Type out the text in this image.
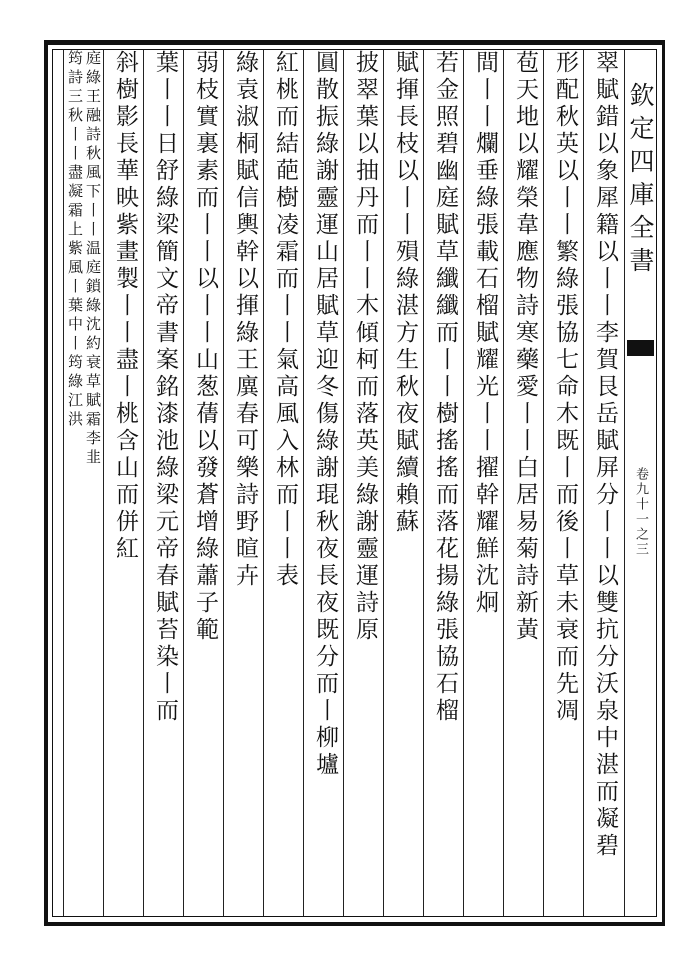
欽定四庫全書
卷九十一之三
翠賦錯以象犀籍以丨丨李賀艮岳賦屏分丨丨以雙抗分沃泉中湛而凝碧
形配秋英以丨丨繁綠張協七命木既丨而後丨草未衰而先凋
苞天地以耀榮韋應物詩寒藥愛丨丨白居易菊詩新黃
間丨丨爛垂綠張載石榴賦耀光丨丨擢幹耀鮮沈炯
若金照碧幽庭賦草纖纖而丨丨樹搖搖而落花揚綠張協石榴
賦揮長枝以丨丨殞綠湛方生秋夜賦續賴蘇
披翠葉以抽丹而丨丨木傾柯而落英美綠謝靈運詩原
圓散振綠謝靈運山居賦草迎冬傷綠謝琨秋夜長夜既分而丨柳壚
紅桃而結葩樹凌霜而丨丨氣高風入林而丨丨表
綠袁淑桐賦信輿幹以揮綠王廙春可樂詩野暄卉
弱枝實裏素而丨丨以丨丨山葱蒨以發蒼增綠蕭子範
葉丨丨日舒綠梁簡文帝書案銘漆池綠梁元帝春賦苔染丨而
斜樹影長華映紫畫製丨丨盡丨桃含山而併紅
庭綠王融詩秋風下丨丨温庭鎖綠沈約衰草賦霜李韭
筠詩三秋丨丨盡凝霜上紫風丨葉中丨筠綠江洪
